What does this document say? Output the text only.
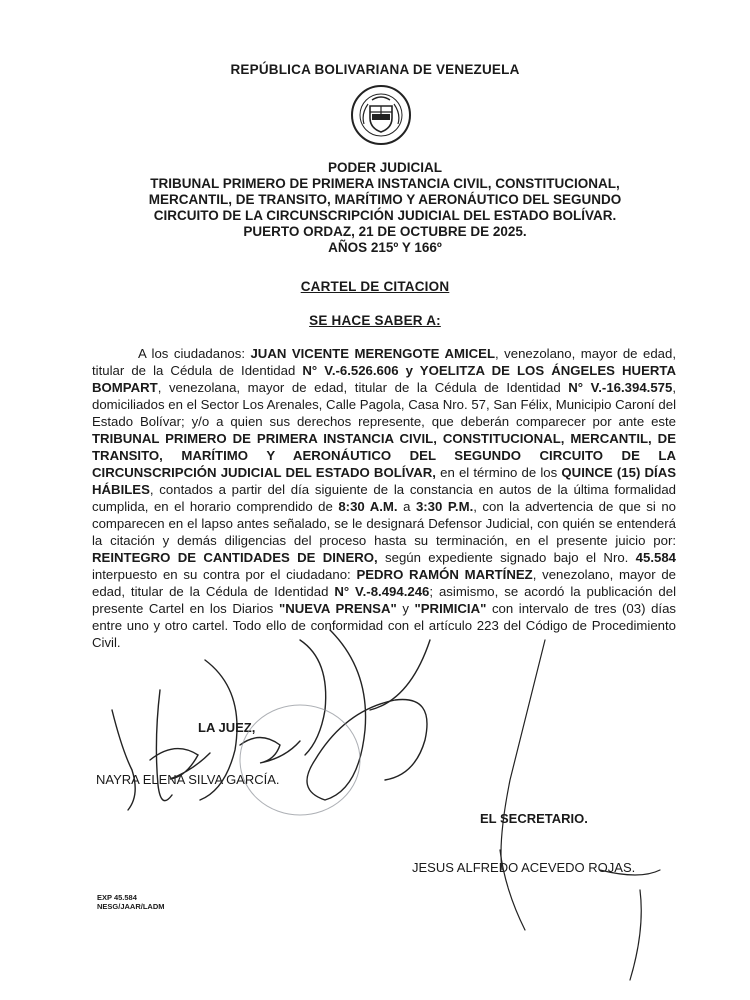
REPÚBLICA BOLIVARIANA DE VENEZUELA
PODER JUDICIAL
TRIBUNAL PRIMERO DE PRIMERA INSTANCIA CIVIL, CONSTITUCIONAL,
MERCANTIL, DE TRANSITO, MARÍTIMO Y AERONÁUTICO DEL SEGUNDO
CIRCUITO DE LA CIRCUNSCRIPCIÓN JUDICIAL DEL ESTADO BOLÍVAR.
PUERTO ORDAZ, 21 DE OCTUBRE DE 2025.
AÑOS 215º Y 166º
CARTEL DE CITACION
SE HACE SABER A:

A los ciudadanos: JUAN VICENTE MERENGOTE AMICEL, venezolano, mayor de edad, titular de la Cédula de Identidad N° V.-6.526.606 y YOELITZA DE LOS ÁNGELES HUERTA BOMPART, venezolana, mayor de edad, titular de la Cédula de Identidad N° V.-16.394.575, domiciliados en el Sector Los Arenales, Calle Pagola, Casa Nro. 57, San Félix, Municipio Caroní del Estado Bolívar; y/o a quien sus derechos represente, que deberán comparecer por ante este TRIBUNAL PRIMERO DE PRIMERA INSTANCIA CIVIL, CONSTITUCIONAL, MERCANTIL, DE TRANSITO, MARÍTIMO Y AERONÁUTICO DEL SEGUNDO CIRCUITO DE LA CIRCUNSCRIPCIÓN JUDICIAL DEL ESTADO BOLÍVAR, en el término de los QUINCE (15) DÍAS HÁBILES, contados a partir del día siguiente de la constancia en autos de la última formalidad cumplida, en el horario comprendido de 8:30 A.M. a 3:30 P.M., con la advertencia de que si no comparecen en el lapso antes señalado, se le designará Defensor Judicial, con quién se entenderá la citación y demás diligencias del proceso hasta su terminación, en el presente juicio por: REINTEGRO DE CANTIDADES DE DINERO, según expediente signado bajo el Nro. 45.584 interpuesto en su contra por el ciudadano: PEDRO RAMÓN MARTÍNEZ, venezolano, mayor de edad, titular de la Cédula de Identidad N° V.-8.494.246; asimismo, se acordó la publicación del presente Cartel en los Diarios "NUEVA PRENSA" y "PRIMICIA" con intervalo de tres (03) días entre uno y otro cartel. Todo ello de conformidad con el artículo 223 del Código de Procedimiento Civil.

LA JUEZ,
NAYRA ELENA SILVA GARCÍA.
EL SECRETARIO.
JESUS ALFREDO ACEVEDO ROJAS.
EXP 45.584
NESG/JAAR/LADM
